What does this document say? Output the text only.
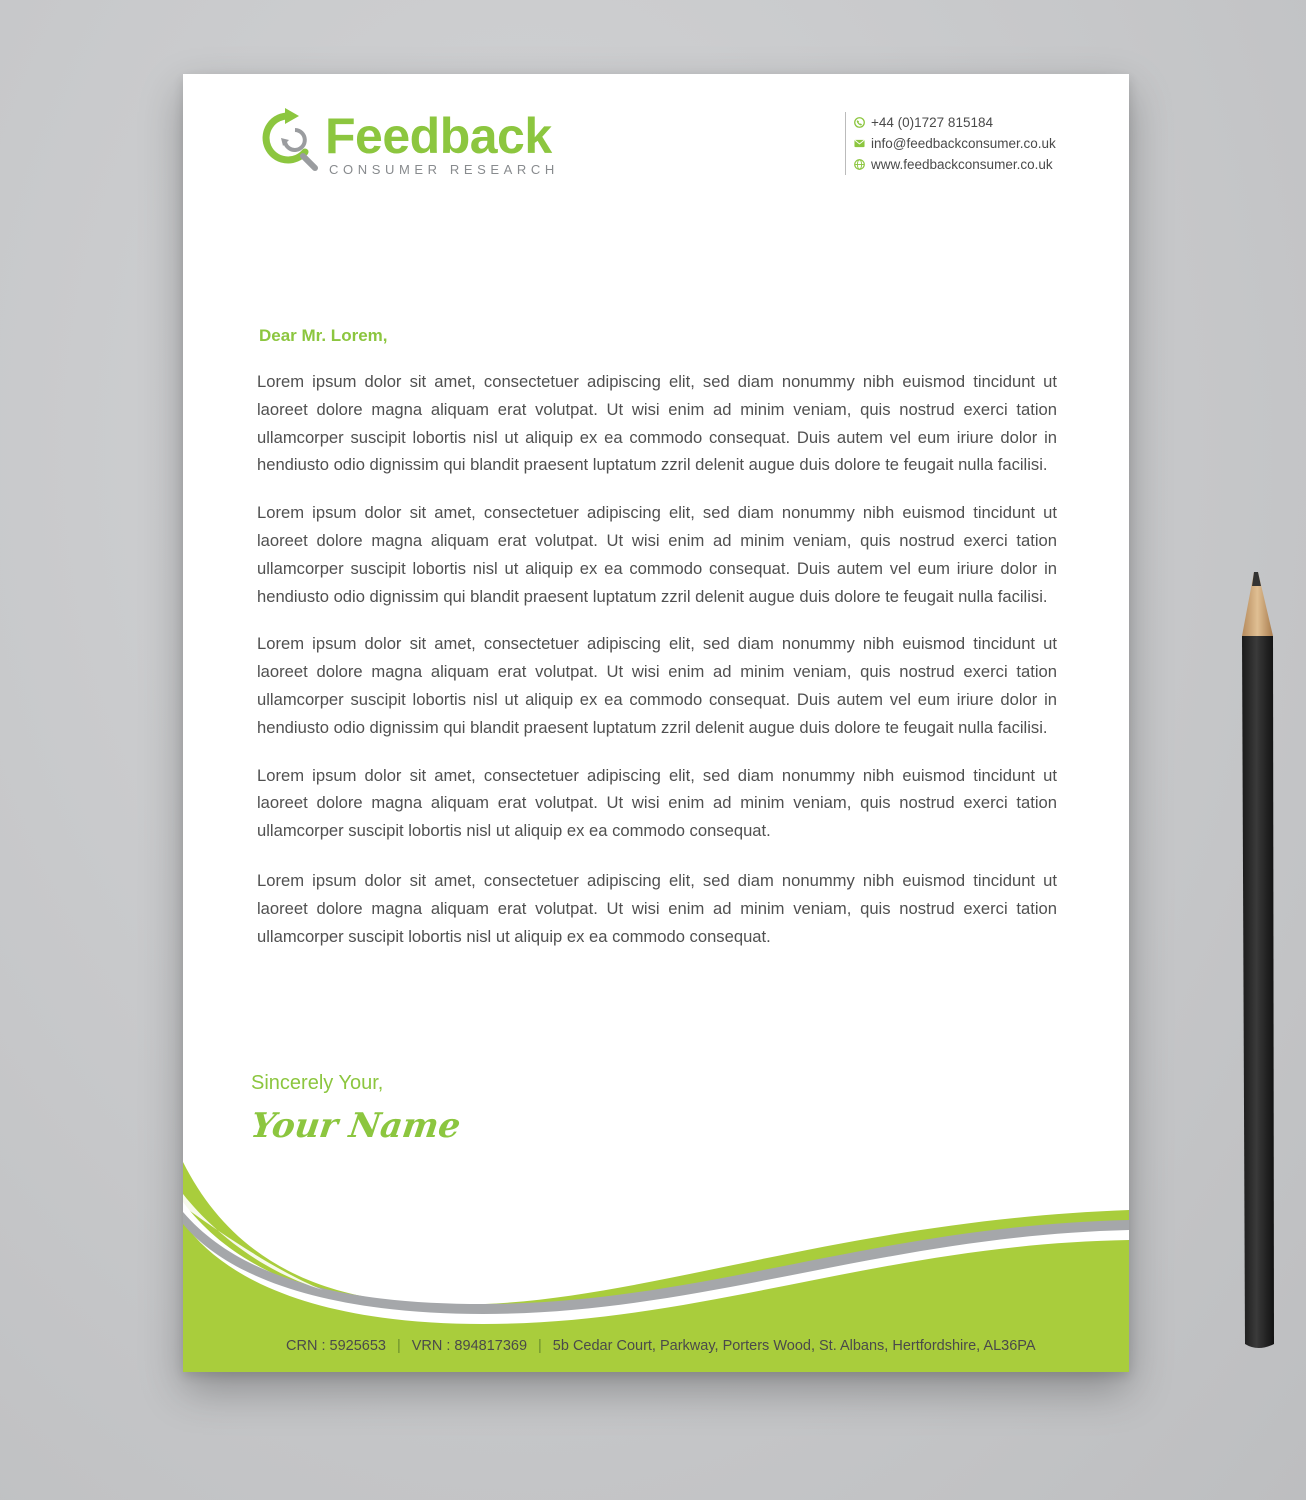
Feedback
CONSUMER RESEARCH
+44 (0)1727 815184
info@feedbackconsumer.co.uk
www.feedbackconsumer.co.uk
Dear Mr. Lorem,

Lorem ipsum dolor sit amet, consectetuer adipiscing elit, sed diam nonummy nibh euismod tincidunt ut laoreet dolore magna aliquam erat volutpat. Ut wisi enim ad minim veniam, quis nostrud exerci tation ullamcorper suscipit lobortis nisl ut aliquip ex ea commodo consequat. Duis autem vel eum iriure dolor in hendiusto odio dignissim qui blandit praesent luptatum zzril delenit augue duis dolore te feugait nulla facilisi.

Lorem ipsum dolor sit amet, consectetuer adipiscing elit, sed diam nonummy nibh euismod tincidunt ut laoreet dolore magna aliquam erat volutpat. Ut wisi enim ad minim veniam, quis nostrud exerci tation ullamcorper suscipit lobortis nisl ut aliquip ex ea commodo consequat. Duis autem vel eum iriure dolor in hendiusto odio dignissim qui blandit praesent luptatum zzril delenit augue duis dolore te feugait nulla facilisi.

Lorem ipsum dolor sit amet, consectetuer adipiscing elit, sed diam nonummy nibh euismod tincidunt ut laoreet dolore magna aliquam erat volutpat. Ut wisi enim ad minim veniam, quis nostrud exerci tation ullamcorper suscipit lobortis nisl ut aliquip ex ea commodo consequat. Duis autem vel eum iriure dolor in hendiusto odio dignissim qui blandit praesent luptatum zzril delenit augue duis dolore te feugait nulla facilisi.

Lorem ipsum dolor sit amet, consectetuer adipiscing elit, sed diam nonummy nibh euismod tincidunt ut laoreet dolore magna aliquam erat volutpat. Ut wisi enim ad minim veniam, quis nostrud exerci tation ullamcorper suscipit lobortis nisl ut aliquip ex ea commodo consequat.

Lorem ipsum dolor sit amet, consectetuer adipiscing elit, sed diam nonummy nibh euismod tincidunt ut laoreet dolore magna aliquam erat volutpat. Ut wisi enim ad minim veniam, quis nostrud exerci tation ullamcorper suscipit lobortis nisl ut aliquip ex ea commodo consequat.

Sincerely Your,
Your Name
CRN : 5925653 | VRN : 894817369 | 5b Cedar Court, Parkway, Porters Wood, St. Albans, Hertfordshire, AL36PA
